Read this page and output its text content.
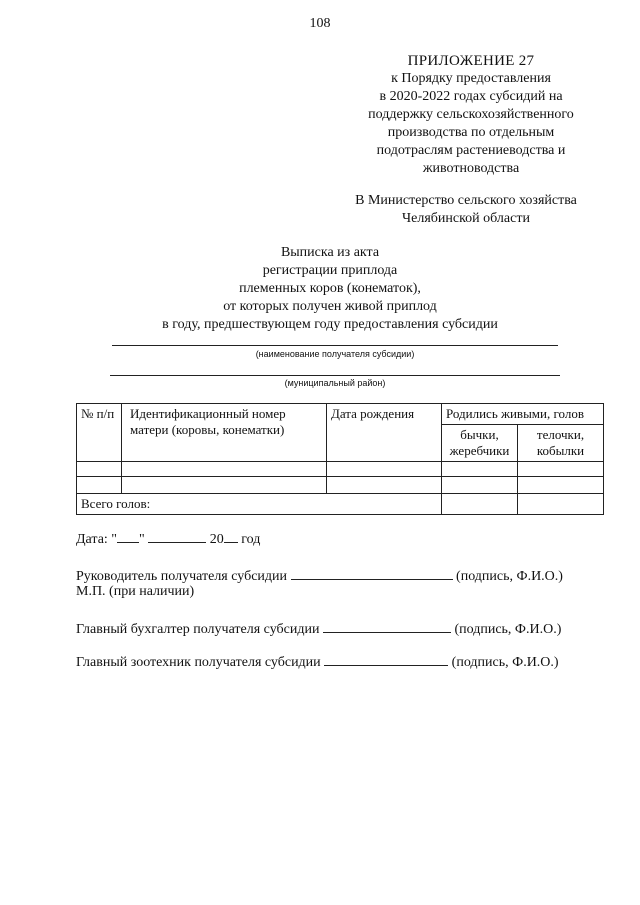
108
ПРИЛОЖЕНИЕ 27
к Порядку предоставления
в 2020-2022 годах субсидий на
поддержку сельскохозяйственного
производства по отдельным
подотраслям растениеводства и
животноводства
В Министерство сельского хозяйства
Челябинской области
Выписка из акта
регистрации приплода
племенных коров (конематок),
от которых получен живой приплод
в году, предшествующем году предоставления субсидии
(наименование получателя субсидии)
(муниципальный район)
№ п/п	Идентификационный номер матери (коровы, конематки)	Дата рождения	Родились живыми, голов	
			бычки, жеребчики	телочки, кобылки

Всего голов:				
Дата: " "	20 год
Руководитель получателя субсидии	(подпись, Ф.И.О.)
М.П. (при наличии)
Главный бухгалтер получателя субсидии	(подпись, Ф.И.О.)
Главный зоотехник получателя субсидии	(подпись, Ф.И.О.)
